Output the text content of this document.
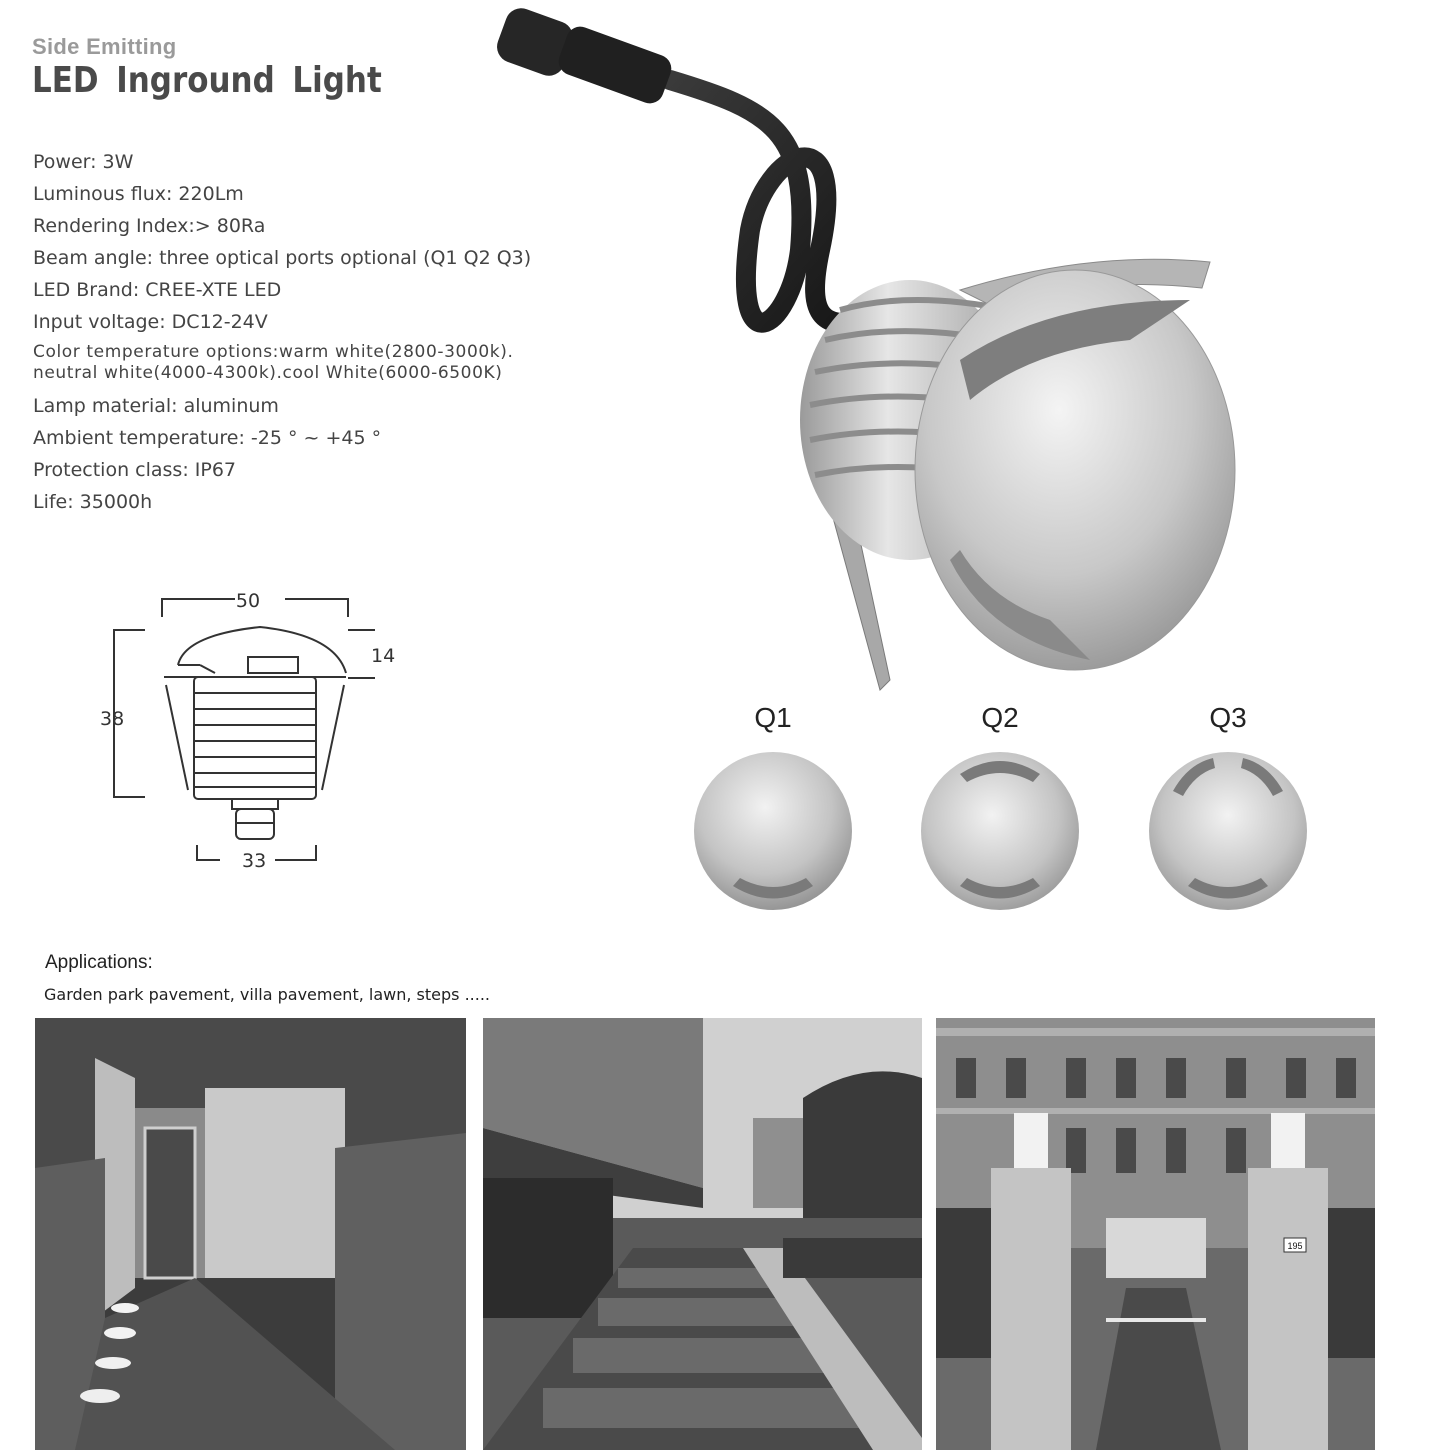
Side Emitting
LED Inground Light
Power: 3W
Luminous flux: 220Lm
Rendering Index:> 80Ra
Beam angle: three optical ports optional (Q1 Q2 Q3)
LED Brand: CREE-XTE LED
Input voltage: DC12-24V
Color temperature options:warm white(2800-3000k).
neutral white(4000-4300k).cool White(6000-6500K)
Lamp material: aluminum
Ambient temperature: -25 ° ~ +45 °
Protection class: IP67
Life: 35000h
50
14
38
33
Q1	Q2	Q3
Applications:
Garden park pavement, villa pavement, lawn, steps .....
195
